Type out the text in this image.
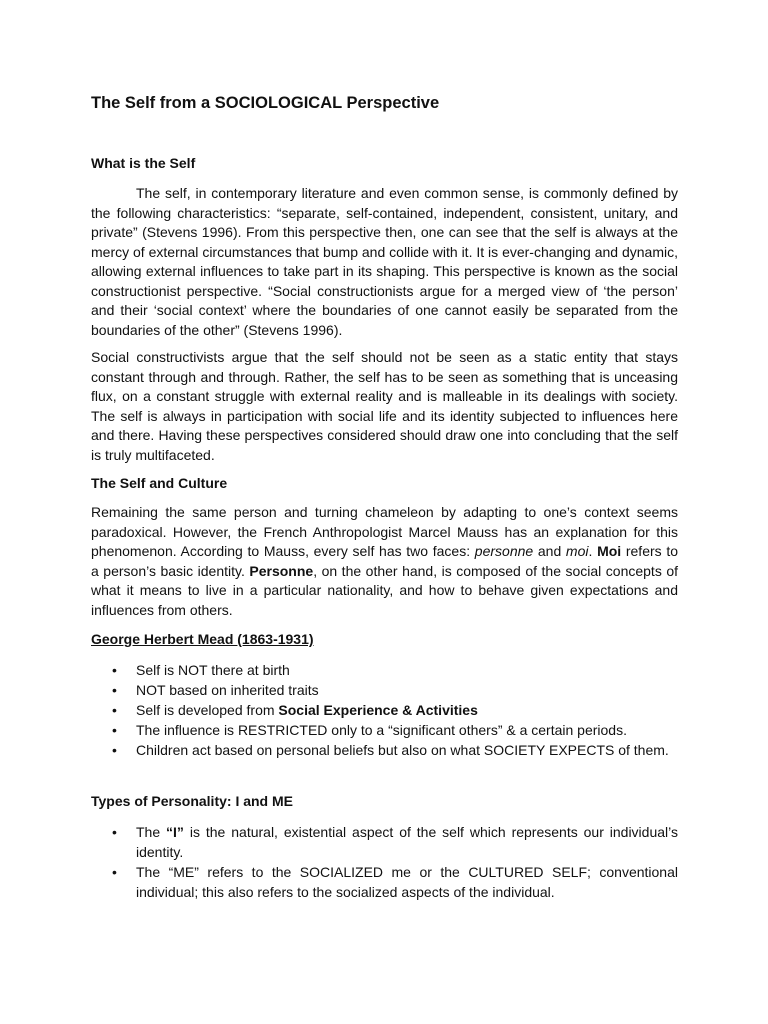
The Self from a SOCIOLOGICAL Perspective
What is the Self

The self, in contemporary literature and even common sense, is commonly defined by the following characteristics: “separate, self-contained, independent, consistent, unitary, and private” (Stevens 1996). From this perspective then, one can see that the self is always at the mercy of external circumstances that bump and collide with it. It is ever-changing and dynamic, allowing external influences to take part in its shaping. This perspective is known as the social constructionist perspective. “Social constructionists argue for a merged view of ‘the person’ and their ‘social context’ where the boundaries of one cannot easily be separated from the boundaries of the other” (Stevens 1996).

Social constructivists argue that the self should not be seen as a static entity that stays constant through and through. Rather, the self has to be seen as something that is unceasing flux, on a constant struggle with external reality and is malleable in its dealings with society. The self is always in participation with social life and its identity subjected to influences here and there. Having these perspectives considered should draw one into concluding that the self is truly multifaceted.

The Self and Culture

Remaining the same person and turning chameleon by adapting to one’s context seems paradoxical. However, the French Anthropologist Marcel Mauss has an explanation for this phenomenon. According to Mauss, every self has two faces: personne and moi. Moi refers to a person’s basic identity. Personne, on the other hand, is composed of the social concepts of what it means to live in a particular nationality, and how to behave given expectations and influences from others.

George Herbert Mead (1863-1931)
• Self is NOT there at birth
• NOT based on inherited traits
• Self is developed from Social Experience & Activities
• The influence is RESTRICTED only to a “significant others” & a certain periods.
• Children act based on personal beliefs but also on what SOCIETY EXPECTS of them.
Types of Personality: I and ME
• The “I” is the natural, existential aspect of the self which represents our individual’s identity.
• The “ME” refers to the SOCIALIZED me or the CULTURED SELF; conventional individual; this also refers to the socialized aspects of the individual.
